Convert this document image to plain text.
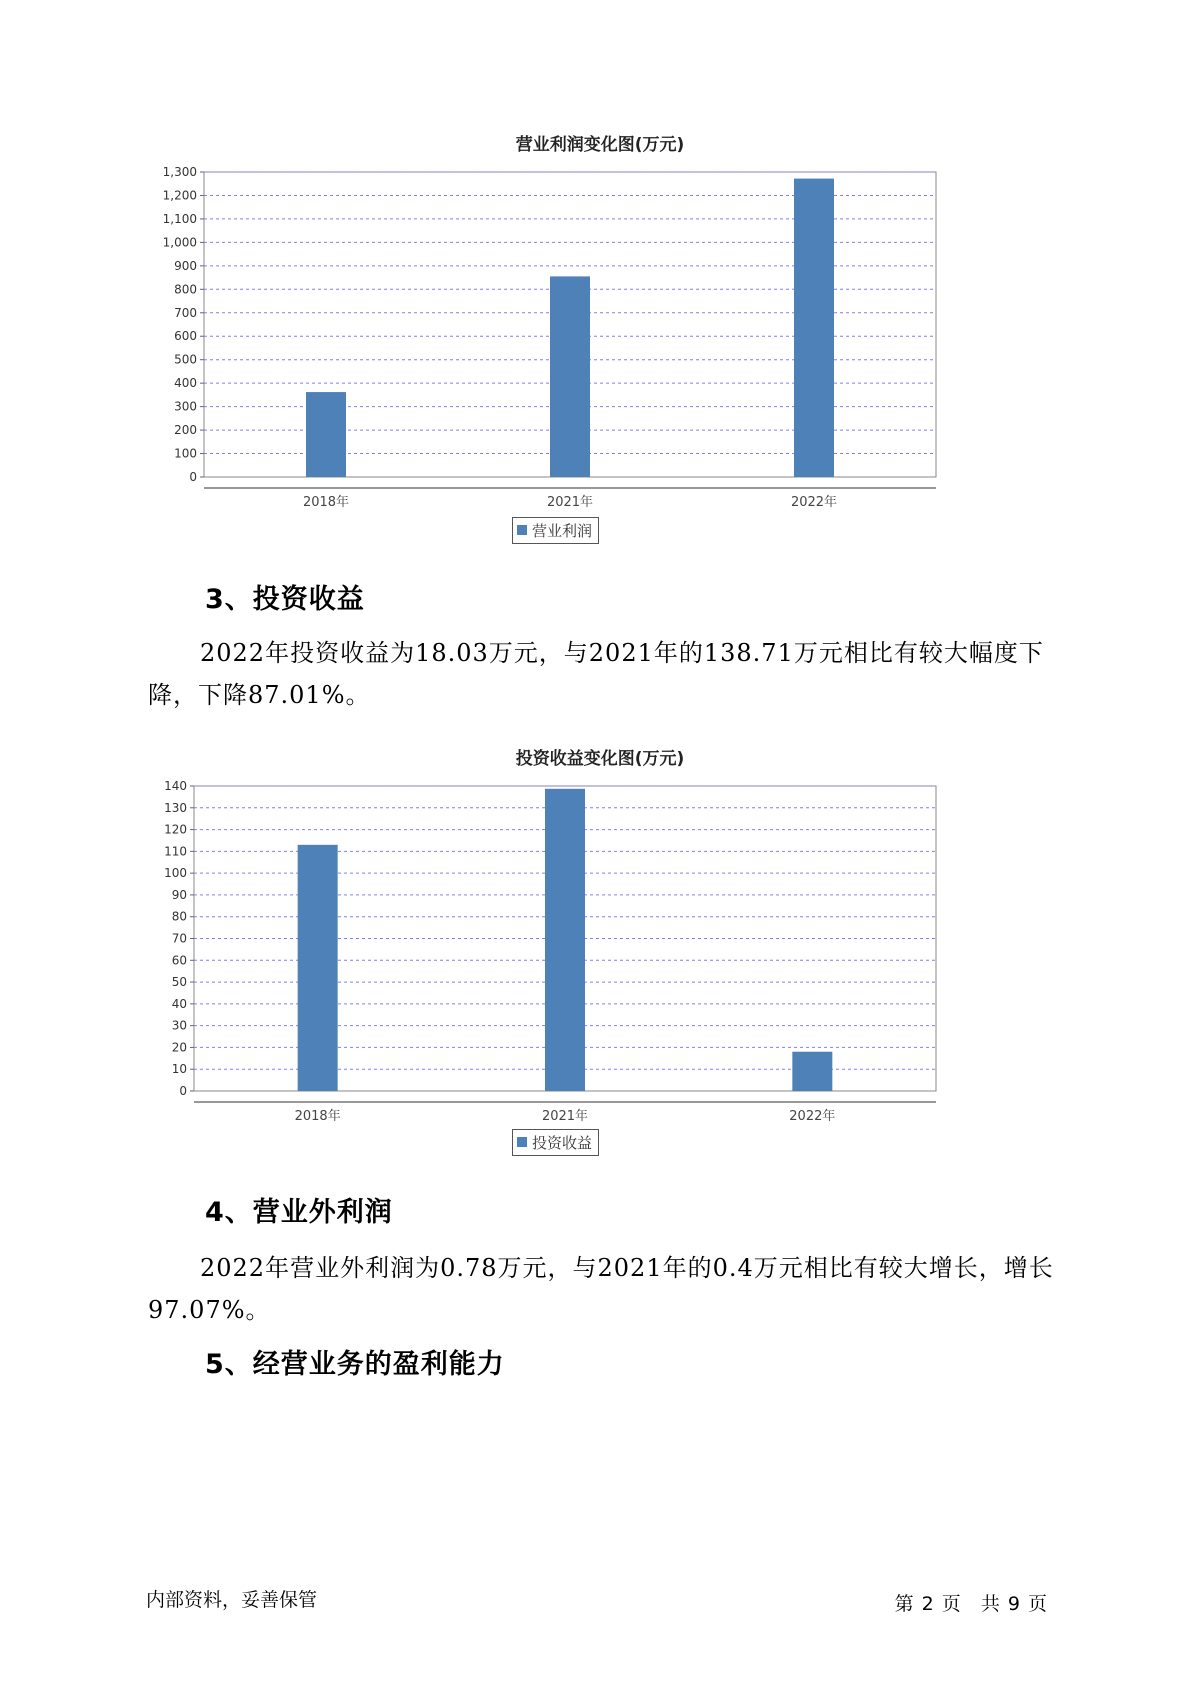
营业利润变化图(万元)
0
100
200
300
400
500
600
700
800
900
1,000
1,100
1,200
1,300
2018年	2021年	2022年
营业利润
3、投资收益
2022年投资收益为18.03万元，与2021年的138.71万元相比有较大幅度下降，下降87.01%。
投资收益变化图(万元)
0
10
20
30
40
50
60
70
80
90
100
110
120
130
140
2018年	2021年	2022年
投资收益
4、营业外利润
2022年营业外利润为0.78万元，与2021年的0.4万元相比有较大增长，增长97.07%。
5、经营业务的盈利能力
内部资料，妥善保管	第 2 页 共 9 页
